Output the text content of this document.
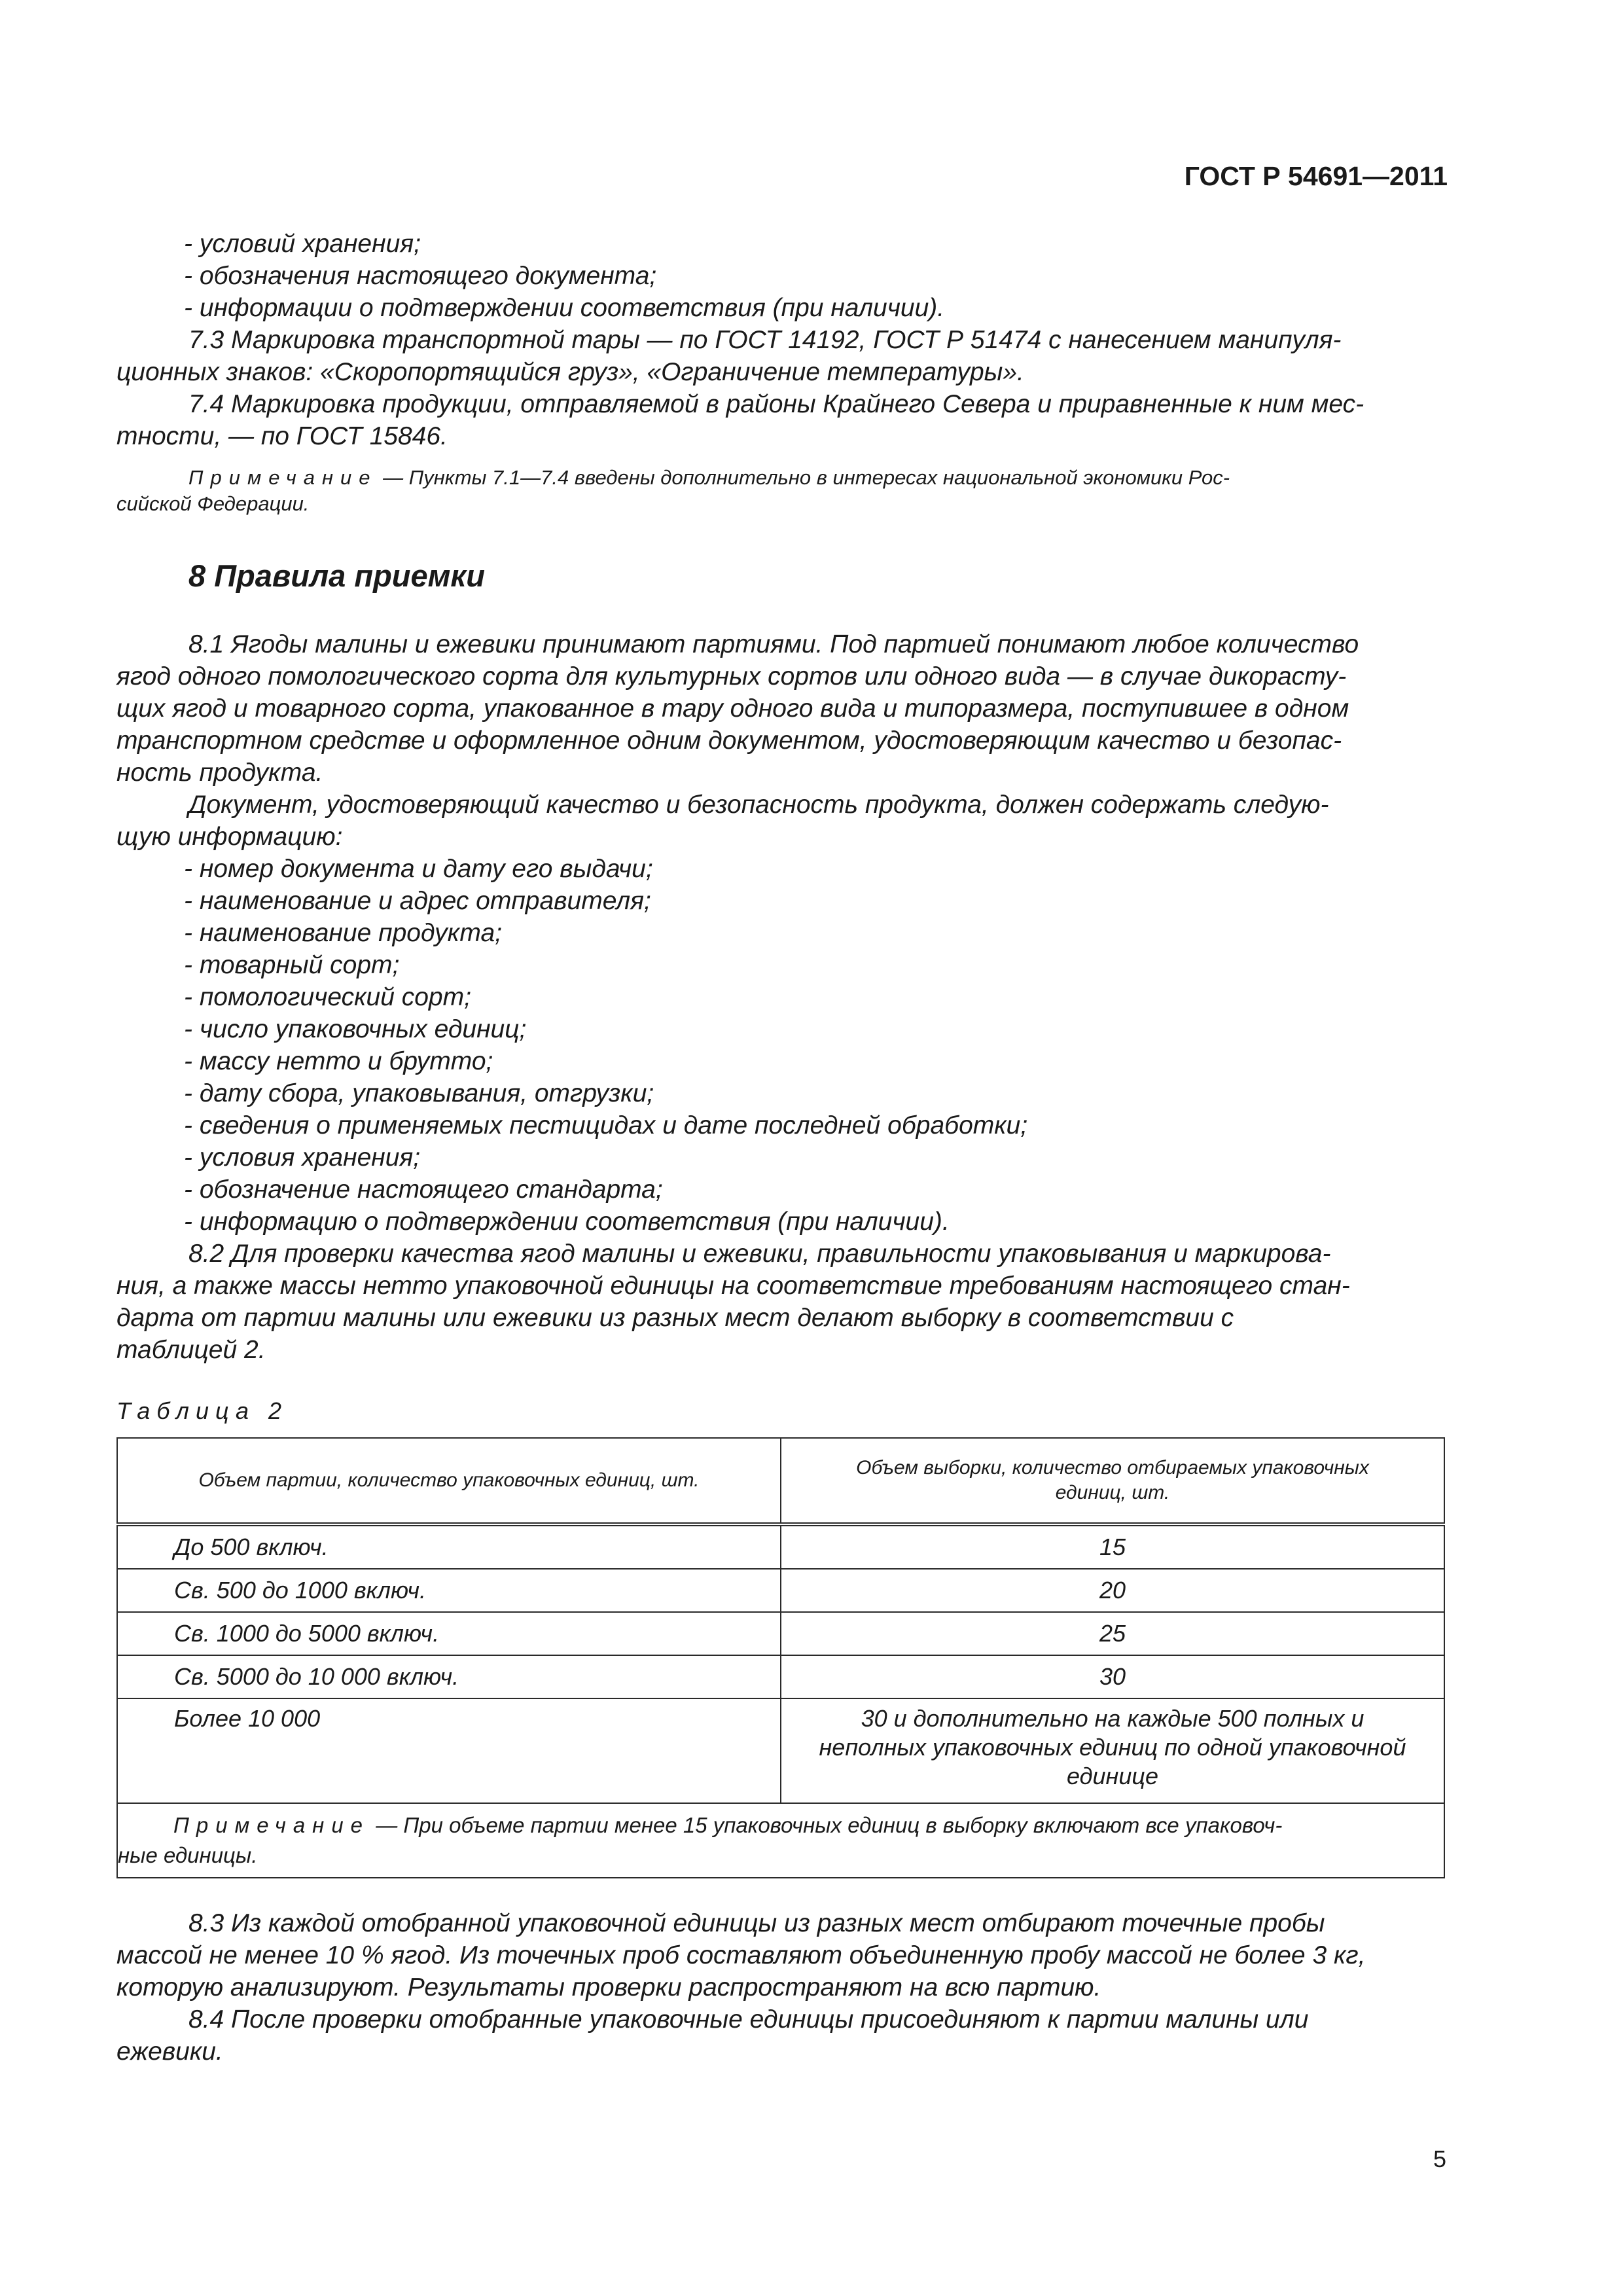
ГОСТ Р 54691—2011

- условий хранения;

- обозначения настоящего документа;

- информации о подтверждении соответствия (при наличии).

7.3 Маркировка транспортной тары — по ГОСТ 14192, ГОСТ Р 51474 с нанесением манипуля-

ционных знаков: «Скоропортящийся груз», «Ограничение температуры».

7.4 Маркировка продукции, отправляемой в районы Крайнего Севера и приравненные к ним мес-

тности, — по ГОСТ 15846.

Примечание — Пункты 7.1—7.4 введены дополнительно в интересах национальной экономики Рос-
сийской Федерации.

8 Правила приемки

8.1 Ягоды малины и ежевики принимают партиями. Под партией понимают любое количество

ягод одного помологического сорта для культурных сортов или одного вида — в случае дикорасту-

щих ягод и товарного сорта, упакованное в тару одного вида и типоразмера, поступившее в одном

транспортном средстве и оформленное одним документом, удостоверяющим качество и безопас-

ность продукта.

Документ, удостоверяющий качество и безопасность продукта, должен содержать следую-

щую информацию:

- номер документа и дату его выдачи;

- наименование и адрес отправителя;

- наименование продукта;

- товарный сорт;

- помологический сорт;

- число упаковочных единиц;

- массу нетто и брутто;

- дату сбора, упаковывания, отгрузки;

- сведения о применяемых пестицидах и дате последней обработки;

- условия хранения;

- обозначение настоящего стандарта;

- информацию о подтверждении соответствия (при наличии).

8.2 Для проверки качества ягод малины и ежевики, правильности упаковывания и маркирова-

ния, а также массы нетто упаковочной единицы на соответствие требованиям настоящего стан-

дарта от партии малины или ежевики из разных мест делают выборку в соответствии с

таблицей 2.

Таблица 2
Объем партии, количество упаковочных единиц, шт.	Объем выборки, количество отбираемых упаковочных
единиц, шт.
До 500 включ.	15
Св. 500 до 1000 включ.	20
Св. 1000 до 5000 включ.	25
Св. 5000 до 10 000 включ.	30
Более 10 000	30 и дополнительно на каждые 500 полных и
неполных упаковочных единиц по одной упаковочной
единице
Примечание — При объеме партии менее 15 упаковочных единиц в выборку включают все упаковоч-
ные единицы.	

8.3 Из каждой отобранной упаковочной единицы из разных мест отбирают точечные пробы

массой не менее 10 % ягод. Из точечных проб составляют объединенную пробу массой не более 3 кг,

которую анализируют. Результаты проверки распространяют на всю партию.

8.4 После проверки отобранные упаковочные единицы присоединяют к партии малины или

ежевики.

5
